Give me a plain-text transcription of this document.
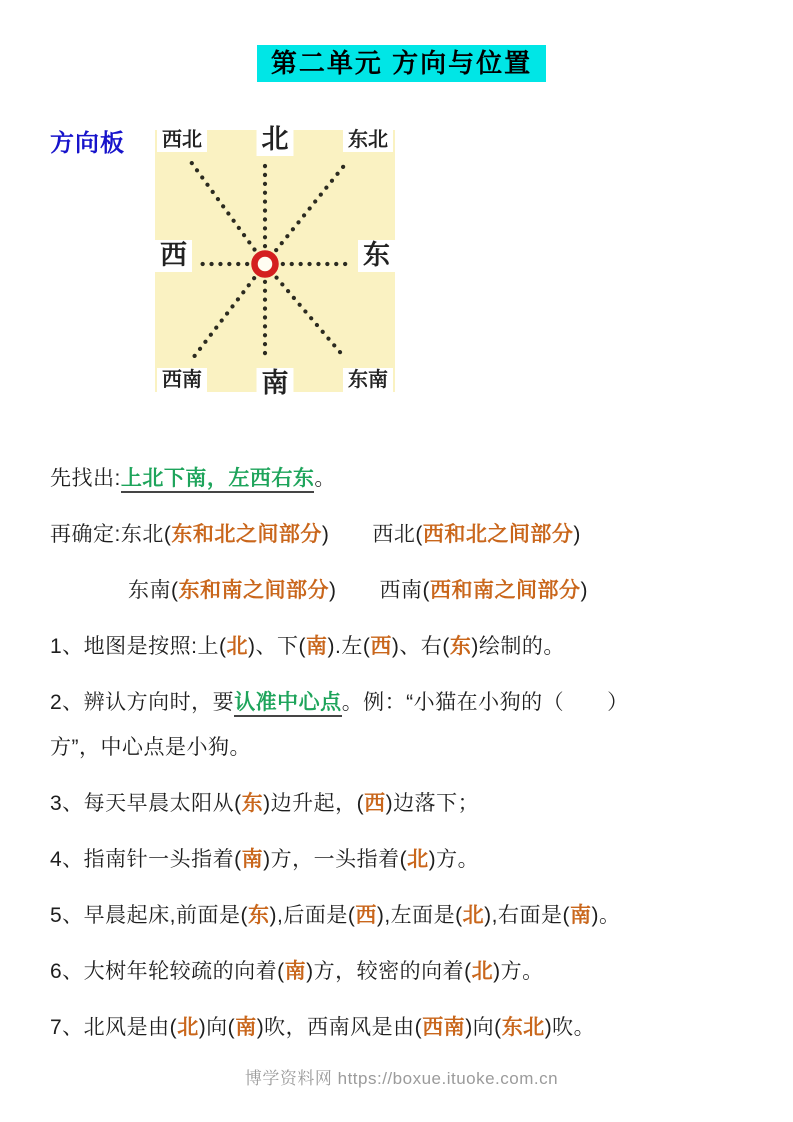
第二单元 方向与位置
方向板 西北 北	东北
西	东
西南 南	东南

先找出:上北下南，左西右东。

再确定:东北(东和北之间部分)　　西北(西和北之间部分)

东南(东和南之间部分)　　西南(西和南之间部分)

1、地图是按照:上(北)、下(南).左(西)、右(东)绘制的。

2、辨认方向时，要认准中心点。例：“小猫在小狗的（　　）
方”，中心点是小狗。

3、每天早晨太阳从(东)边升起，(西)边落下；

4、指南针一头指着(南)方，一头指着(北)方。

5、早晨起床,前面是(东),后面是(西),左面是(北),右面是(南)。

6、大树年轮较疏的向着(南)方，较密的向着(北)方。

7、北风是由(北)向(南)吹，西南风是由(西南)向(东北)吹。

博学资料网 https://boxue.ituoke.com.cn
